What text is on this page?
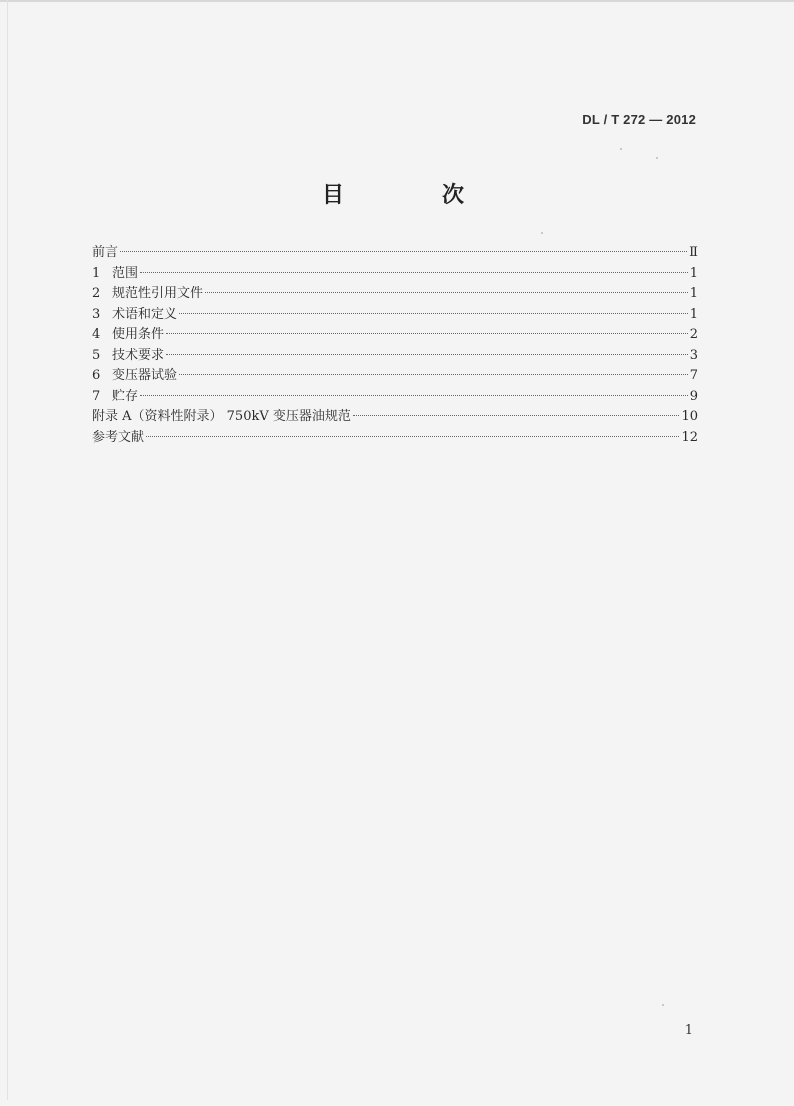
DL / T 272 — 2012
目　次
前言	Ⅱ
1 范围	1
2 规范性引用文件	1
3 术语和定义	1
4 使用条件	2
5 技术要求	3
6 变压器试验	7
7 贮存	9
附录 A（资料性附录） 750kV 变压器油规范	10
参考文献	12
1
